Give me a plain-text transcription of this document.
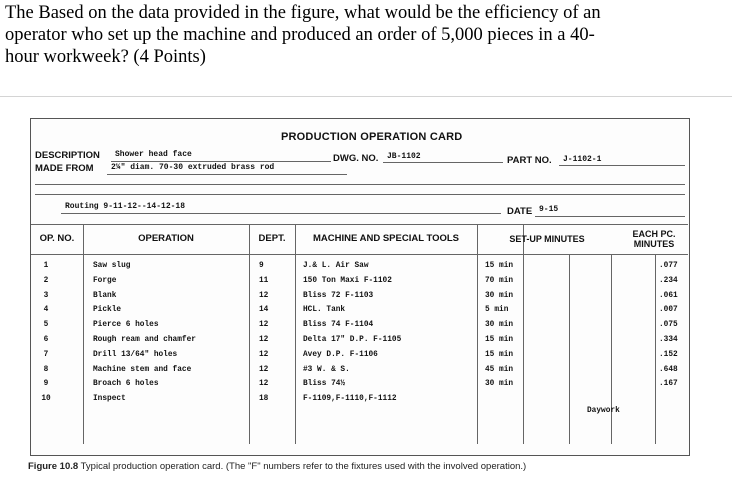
The Based on the data provided in the figure, what would be the efficiency of an operator who set up the machine and produced an order of 5,000 pieces in a 40-hour workweek? (4 Points)
PRODUCTION OPERATION CARD
DESCRIPTION Shower head face	DWG. NO. JB-1102	PART NO. J-1102-1
MADE FROM 2¼" diam. 70-30 extruded brass rod
Routing 9-11-12--14-12-18	DATE 9-15
OP. NO.	OPERATION	DEPT.	MACHINE AND SPECIAL TOOLS	SET-UP MINUTES	EACH PC. MINUTES
1	Saw slug	9	J.& L. Air Saw	15 min	.077
2	Forge	11	150 Ton Maxi F-1102	70 min	.234
3	Blank	12	Bliss 72 F-1103	30 min	.061
4	Pickle	14	HCL. Tank	5 min	.007
5	Pierce 6 holes	12	Bliss 74 F-1104	30 min	.075
6	Rough ream and chamfer	12	Delta 17" D.P. F-1105	15 min	.334
7	Drill 13/64" holes	12	Avey D.P. F-1106	15 min	.152
8	Machine stem and face	12	#3 W. & S.	45 min	.648
9	Broach 6 holes	12	Bliss 74½	30 min	.167
10	Inspect	18	F-1109,F-1110,F-1112
Daywork
Figure 10.8 Typical production operation card. (The "F" numbers refer to the fixtures used with the involved operation.)
